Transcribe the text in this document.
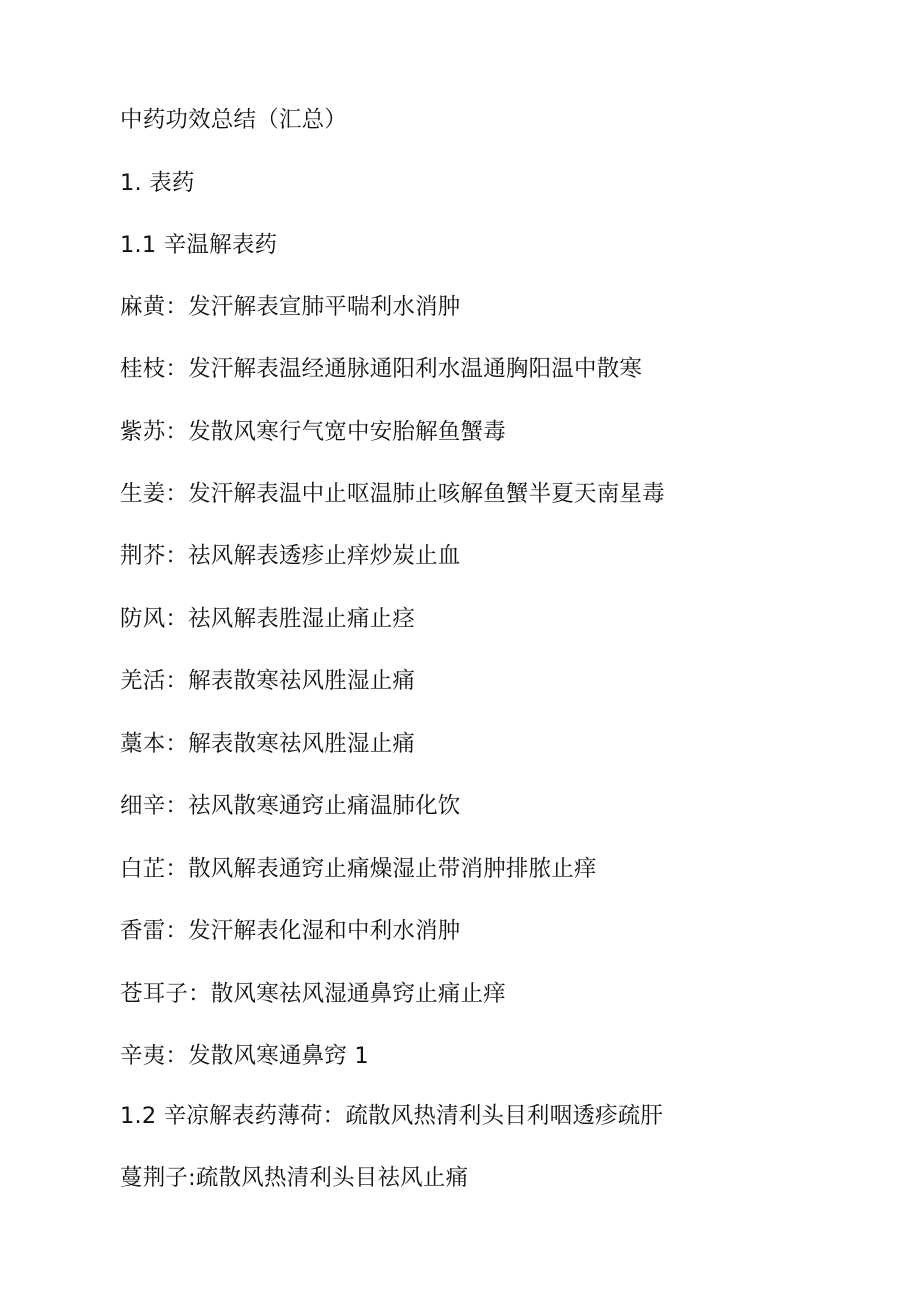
中药功效总结（汇总）

1. 表药

1.1 辛温解表药

麻黄：发汗解表宣肺平喘利水消肿

桂枝：发汗解表温经通脉通阳利水温通胸阳温中散寒

紫苏：发散风寒行气宽中安胎解鱼蟹毒

生姜：发汗解表温中止呕温肺止咳解鱼蟹半夏天南星毒

荆芥：祛风解表透疹止痒炒炭止血

防风：祛风解表胜湿止痛止痉

羌活：解表散寒祛风胜湿止痛

藁本：解表散寒祛风胜湿止痛

细辛：祛风散寒通窍止痛温肺化饮

白芷：散风解表通窍止痛燥湿止带消肿排脓止痒

香雷：发汗解表化湿和中利水消肿

苍耳子：散风寒祛风湿通鼻窍止痛止痒

辛夷：发散风寒通鼻窍 1

1.2 辛凉解表药薄荷：疏散风热清利头目利咽透疹疏肝

蔓荆子:疏散风热清利头目祛风止痛
